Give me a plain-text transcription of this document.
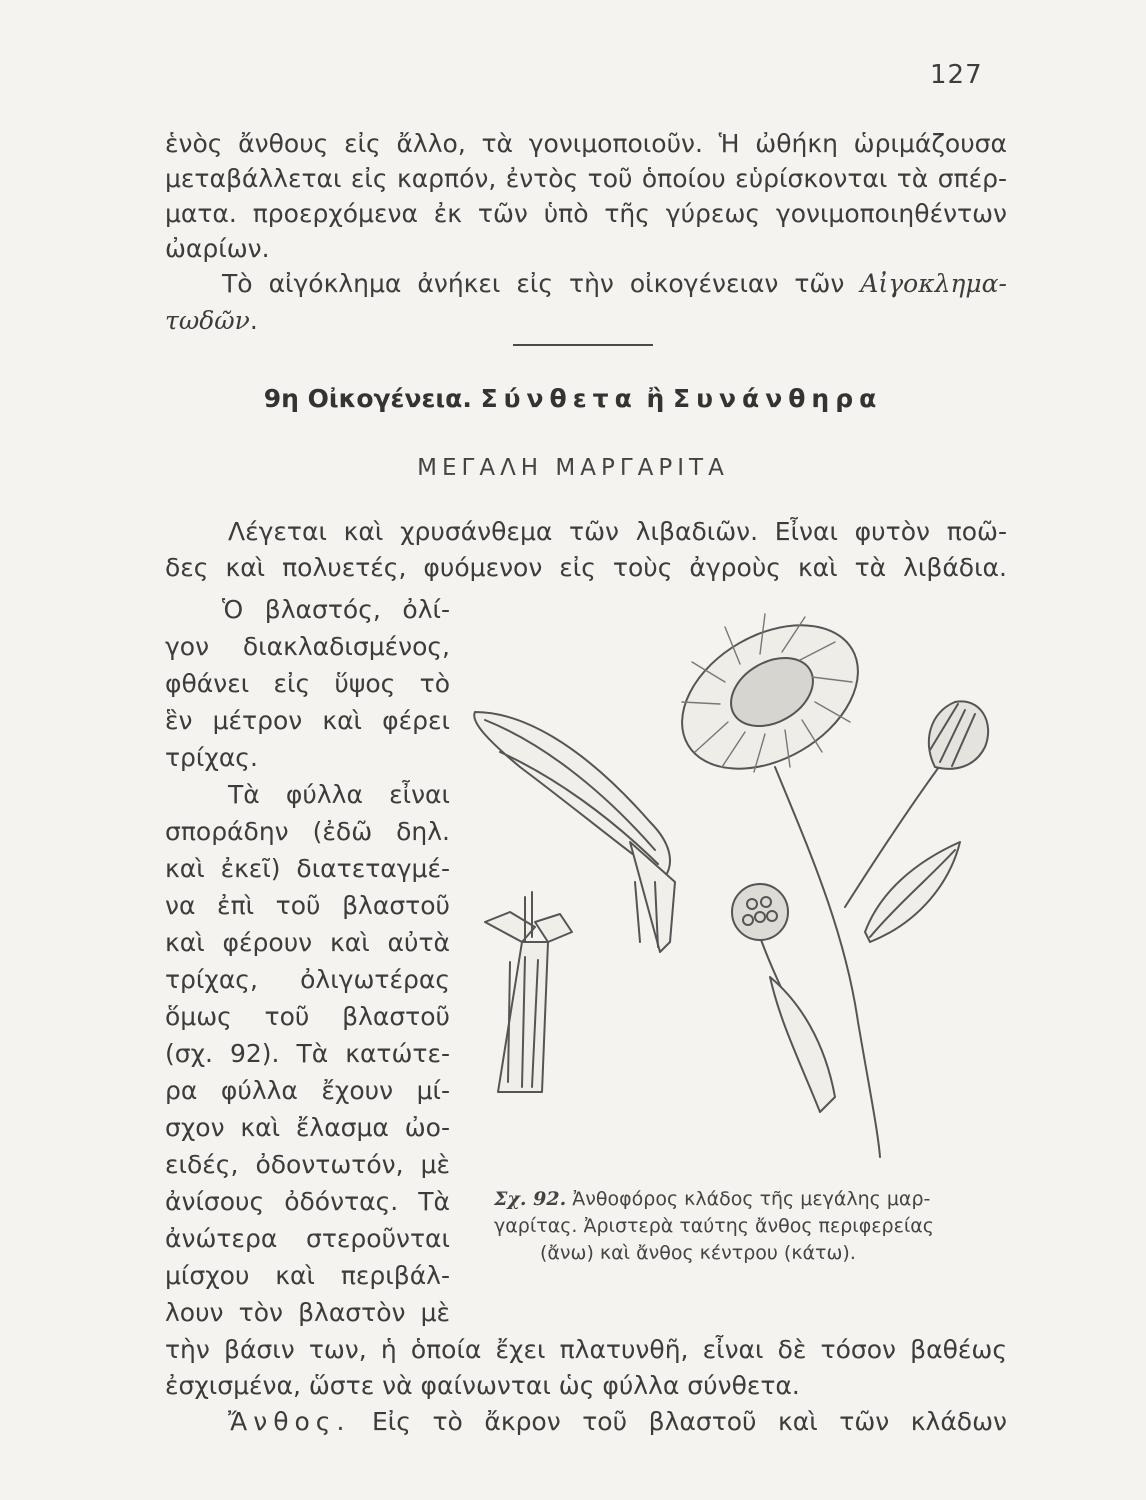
127
ἑνὸς ἄνθους εἰς ἄλλο, τὰ γονιμοποιοῦν. Ἡ ὠθήκη ὡριμάζουσα
μεταβάλλεται εἰς καρπόν, ἐντὸς τοῦ ὁποίου εὑρίσκονται τὰ σπέρ-
ματα. προερχόμενα ἐκ τῶν ὑπὸ τῆς γύρεως γονιμοποιηθέντων
ὠαρίων.
Τὸ αἰγόκλημα ἀνήκει εἰς τὴν οἰκογένειαν τῶν Αἰγοκλημα-
τωδῶν.
9η Οἰκογένεια. Σύνθετα ἢ Συνάνθηρα
ΜΕΓΑΛΗ ΜΑΡΓΑΡΙΤΑ
Λέγεται καὶ χρυσάνθεμα τῶν λιβαδιῶν. Εἶναι φυτὸν ποῶ-
δες καὶ πολυετές, φυόμενον εἰς τοὺς ἀγροὺς καὶ τὰ λιβάδια.
Ὁ βλαστός, ὀλί-
γον διακλαδισμένος,
φθάνει εἰς ὕψος τὸ
ἓν μέτρον καὶ φέρει
τρίχας.
Τὰ φύλλα εἶναι
σποράδην (ἐδῶ δηλ.
καὶ ἐκεῖ) διατεταγμέ-
να ἐπὶ τοῦ βλαστοῦ
καὶ φέρουν καὶ αὐτὰ
τρίχας, ὀλιγωτέρας
ὅμως τοῦ βλαστοῦ
(σχ. 92). Τὰ κατώτε-
ρα φύλλα ἔχουν μί-
σχον καὶ ἔλασμα ὠο-
ειδές, ὀδοντωτόν, μὲ
ἀνίσους ὀδόντας. Τὰ
ἀνώτερα στεροῦνται
μίσχου καὶ περιβάλ-
λουν τὸν βλαστὸν μὲ
Σχ. 92. Ἀνθοφόρος κλάδος τῆς μεγάλης μαρ-
γαρίτας. Ἀριστερὰ ταύτης ἄνθος περιφερείας
(ἄνω) καὶ ἄνθος κέντρου (κάτω).
τὴν βάσιν των, ἡ ὁποία ἔχει πλατυνθῆ, εἶναι δὲ τόσον βαθέως
ἐσχισμένα, ὥστε νὰ φαίνωνται ὡς φύλλα σύνθετα.
Ἄνθος. Εἰς τὸ ἄκρον τοῦ βλαστοῦ καὶ τῶν κλάδων
